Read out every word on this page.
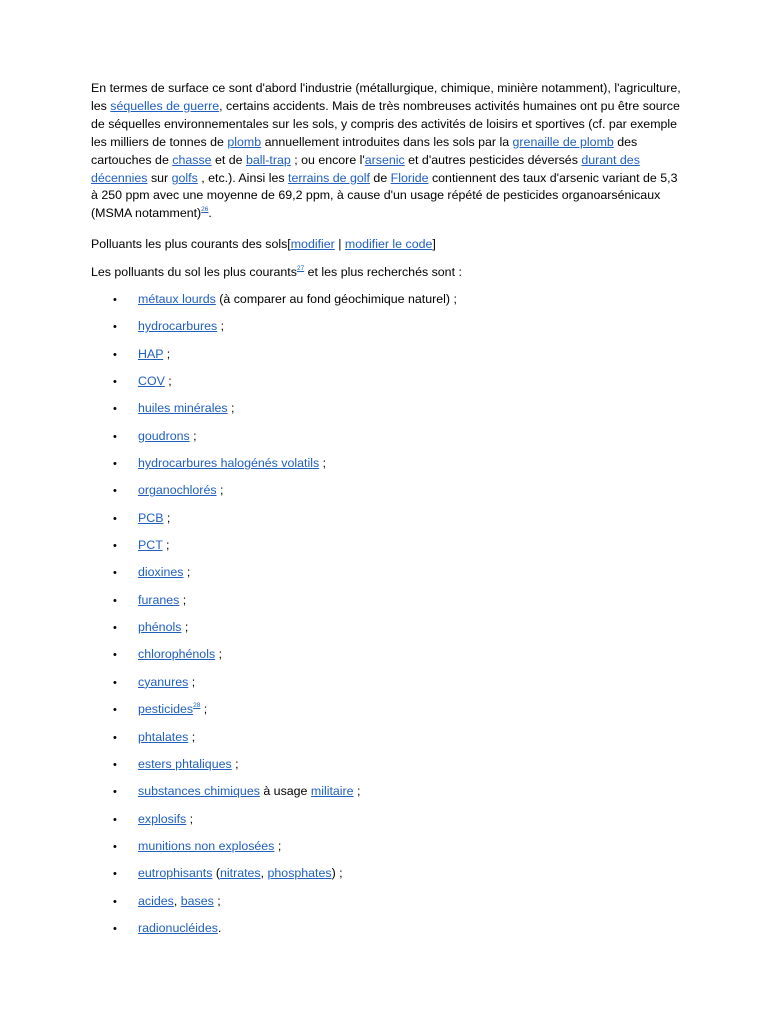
En termes de surface ce sont d'abord l'industrie (métallurgique, chimique, minière notamment), l'agriculture, les séquelles de guerre, certains accidents. Mais de très nombreuses activités humaines ont pu être source de séquelles environnementales sur les sols, y compris des activités de loisirs et sportives (cf. par exemple les milliers de tonnes de plomb annuellement introduites dans les sols par la grenaille de plomb des cartouches de chasse et de ball-trap ; ou encore l'arsenic et d'autres pesticides déversés durant des décennies sur golfs , etc.). Ainsi les terrains de golf de Floride contiennent des taux d'arsenic variant de 5,3 à 250 ppm avec une moyenne de 69,2 ppm, à cause d'un usage répété de pesticides organoarsénicaux (MSMA notamment)$^{26}$.

Polluants les plus courants des sols[modifier | modifier le code]
Les polluants du sol les plus courants$^{27}$ et les plus recherchés sont :
• métaux lourds (à comparer au fond géochimique naturel) ;
• hydrocarbures ;
• HAP ;
• COV ;
• huiles minérales ;
• goudrons ;
• hydrocarbures halogénés volatils ;
• organochlorés ;
• PCB ;
• PCT ;
• dioxines ;
• furanes ;
• phénols ;
• chlorophénols ;
• cyanures ;
• pesticides$^{28}$ ;
• phtalates ;
• esters phtaliques ;
• substances chimiques à usage militaire ;
• explosifs ;
• munitions non explosées ;
• eutrophisants (nitrates, phosphates) ;
• acides, bases ;
• radionucléides.
